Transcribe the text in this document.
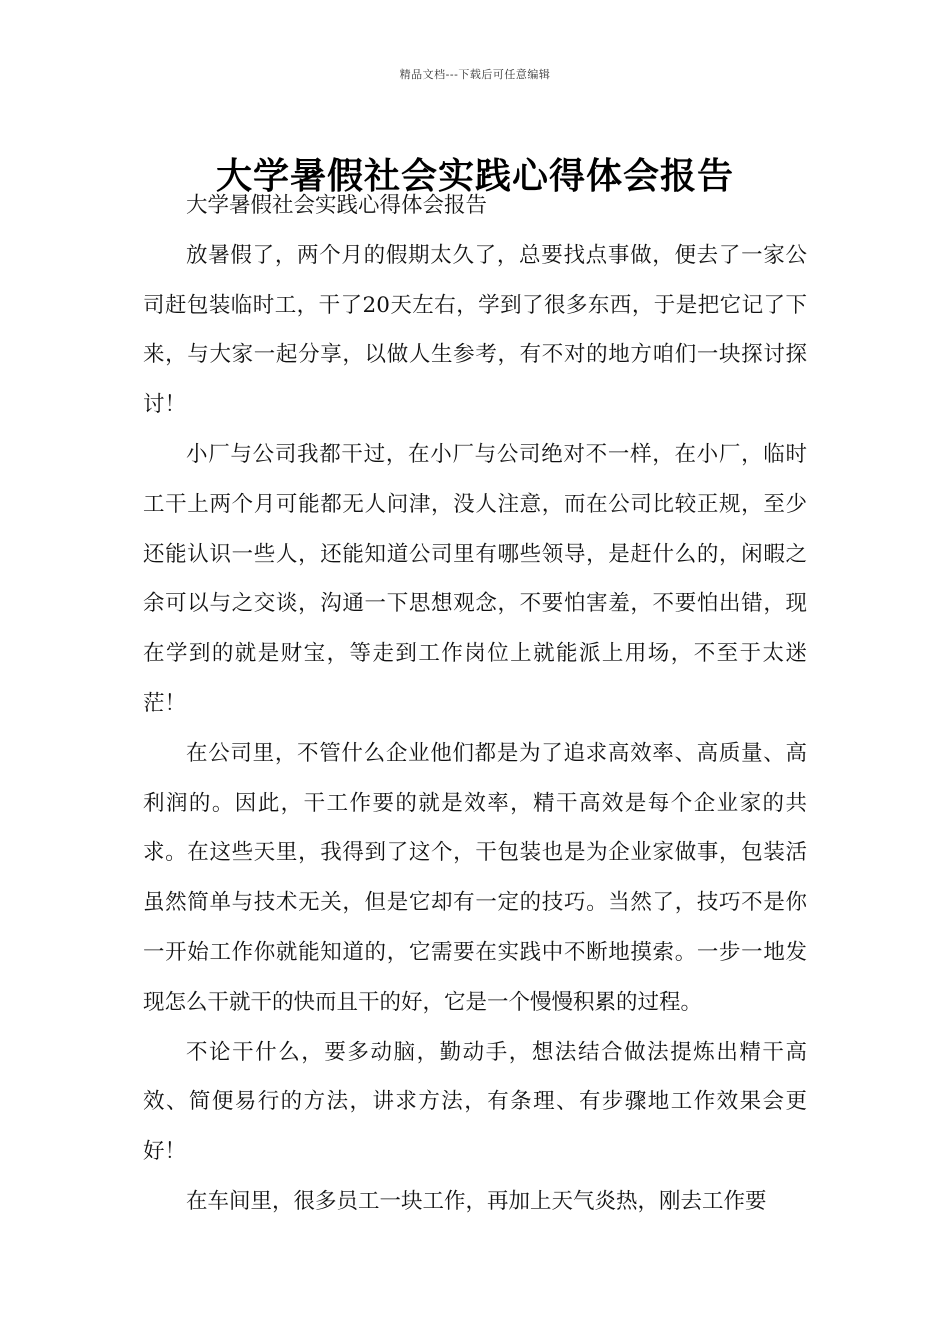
精品文档---下载后可任意编辑
大学暑假社会实践心得体会报告

大学暑假社会实践心得体会报告

放暑假了，两个月的假期太久了，总要找点事做，便去了一家公司赶包装临时工，干了20天左右，学到了很多东西，于是把它记了下来，与大家一起分享，以做人生参考，有不对的地方咱们一块探讨探讨！

小厂与公司我都干过，在小厂与公司绝对不一样，在小厂，临时工干上两个月可能都无人问津，没人注意，而在公司比较正规，至少还能认识一些人，还能知道公司里有哪些领导，是赶什么的，闲暇之余可以与之交谈，沟通一下思想观念，不要怕害羞，不要怕出错，现在学到的就是财宝，等走到工作岗位上就能派上用场，不至于太迷茫！

在公司里，不管什么企业他们都是为了追求高效率、高质量、高利润的。因此，干工作要的就是效率，精干高效是每个企业家的共求。在这些天里，我得到了这个，干包装也是为企业家做事，包装活虽然简单与技术无关，但是它却有一定的技巧。当然了，技巧不是你一开始工作你就能知道的，它需要在实践中不断地摸索。一步一地发现怎么干就干的快而且干的好，它是一个慢慢积累的过程。

不论干什么，要多动脑，勤动手，想法结合做法提炼出精干高效、简便易行的方法，讲求方法，有条理、有步骤地工作效果会更好！

在车间里，很多员工一块工作，再加上天气炎热，刚去工作要
